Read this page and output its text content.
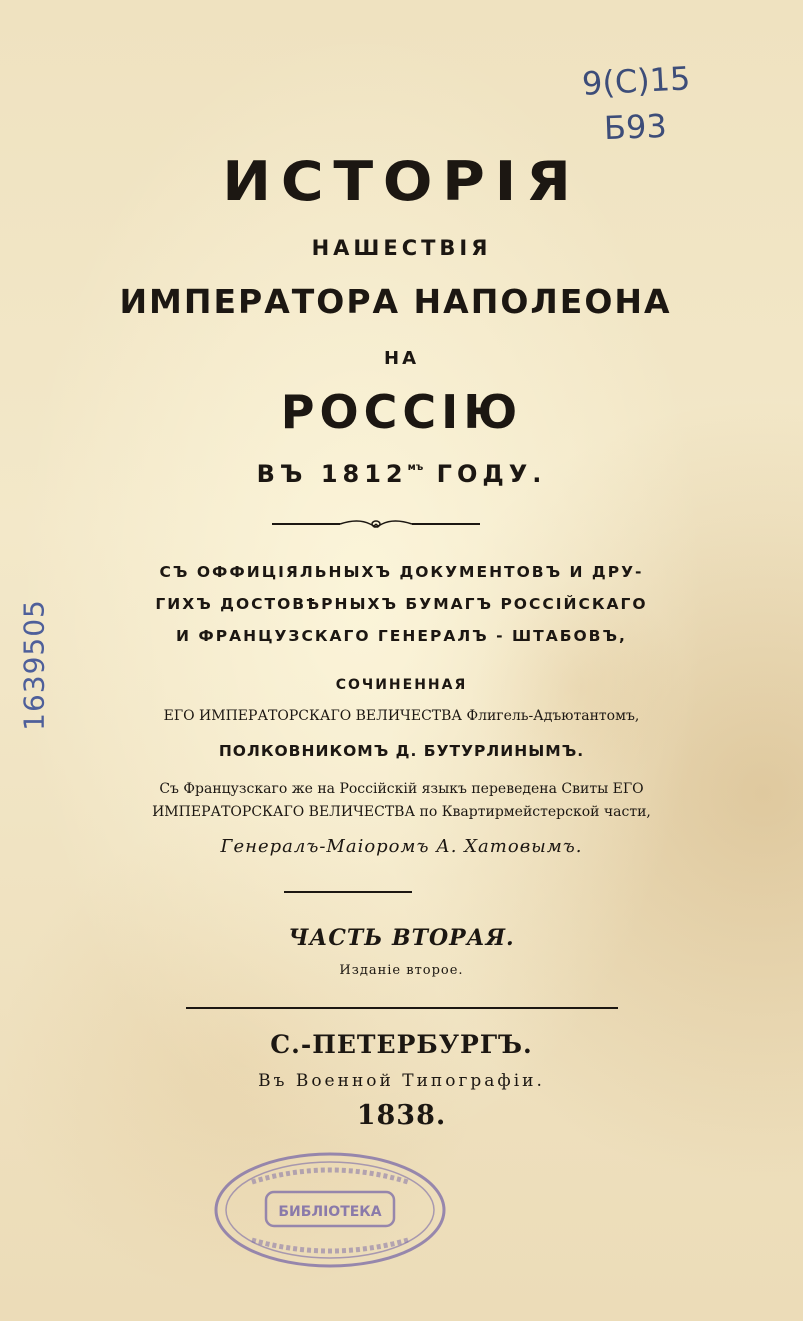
9(С)15
Б93
1639505
ИСТОРІЯ
НАШЕСТВІЯ
ИМПЕРАТОРА НАПОЛЕОНА
НА
РОССІЮ
ВЪ $1812^{мъ}$ ГОДУ.
СЪ ОФФИЦІЯЛЬНЫХЪ ДОКУМЕНТОВЪ И ДРУ-
ГИХЪ ДОСТОВѢРНЫХЪ БУМАГЪ РОССІЙСКАГО
И ФРАНЦУЗСКАГО ГЕНЕРАЛЪ - ШТАБОВЪ,
СОЧИНЕННАЯ
ЕГО ИМПЕРАТОРСКАГО ВЕЛИЧЕСТВА Флигель-Адъютантомъ,
ПОЛКОВНИКОМЪ Д. БУТУРЛИНЫМЪ.
Съ Французскаго же на Россійскій языкъ переведена Свиты ЕГО
ИМПЕРАТОРСКАГО ВЕЛИЧЕСТВА по Квартирмейстерской части,
Генералъ-Маіоромъ А. Хатовымъ.
ЧАСТЬ ВТОРАЯ.
Изданіе второе.
С.-ПЕТЕРБУРГЪ.
Въ Военной Типографіи.
1838.
БИБЛІОТЕКА
